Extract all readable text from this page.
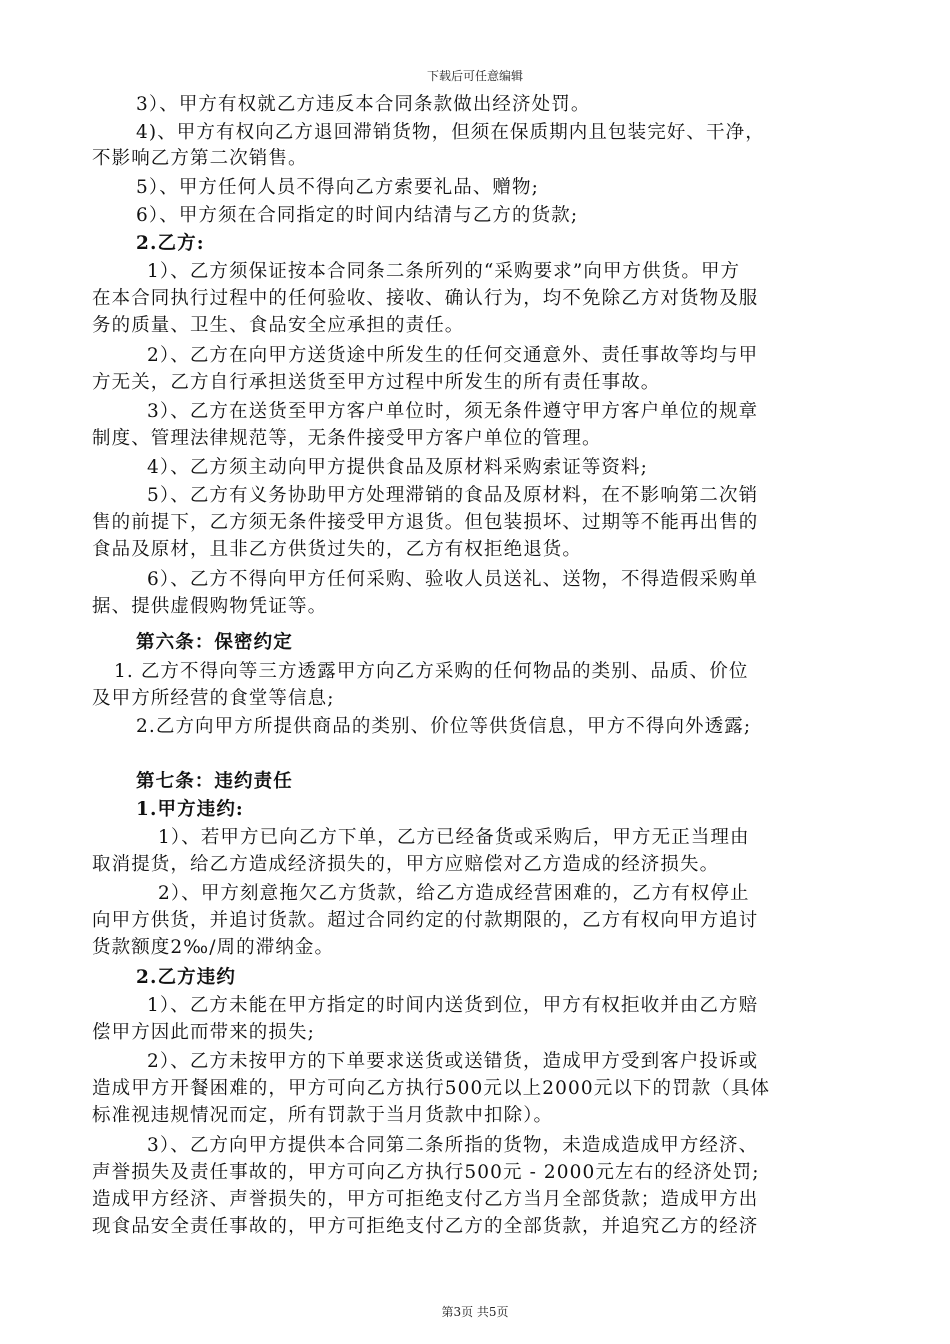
下载后可任意编辑
3）、甲方有权就乙方违反本合同条款做出经济处罚。
4)、甲方有权向乙方退回滞销货物，但须在保质期内且包装完好、干净，
不影响乙方第二次销售。
5）、甲方任何人员不得向乙方索要礼品、赠物;
6）、甲方须在合同指定的时间内结清与乙方的货款;
2.乙方:
1）、乙方须保证按本合同条二条所列的“采购要求”向甲方供货。甲方
在本合同执行过程中的任何验收、接收、确认行为，均不免除乙方对货物及服
务的质量、卫生、食品安全应承担的责任。
2）、乙方在向甲方送货途中所发生的任何交通意外、责任事故等均与甲
方无关，乙方自行承担送货至甲方过程中所发生的所有责任事故。
3）、乙方在送货至甲方客户单位时，须无条件遵守甲方客户单位的规章
制度、管理法律规范等，无条件接受甲方客户单位的管理。
4）、乙方须主动向甲方提供食品及原材料采购索证等资料;
5）、乙方有义务协助甲方处理滞销的食品及原材料，在不影响第二次销
售的前提下，乙方须无条件接受甲方退货。但包装损坏、过期等不能再出售的
食品及原材，且非乙方供货过失的，乙方有权拒绝退货。
6）、乙方不得向甲方任何采购、验收人员送礼、送物，不得造假采购单
据、提供虚假购物凭证等。
第六条：保密约定
1. 乙方不得向等三方透露甲方向乙方采购的任何物品的类别、品质、价位
及甲方所经营的食堂等信息;
2.乙方向甲方所提供商品的类别、价位等供货信息，甲方不得向外透露;
第七条：违约责任
1.甲方违约:
1）、若甲方已向乙方下单，乙方已经备货或采购后，甲方无正当理由
取消提货，给乙方造成经济损失的，甲方应赔偿对乙方造成的经济损失。
2）、甲方刻意拖欠乙方货款，给乙方造成经营困难的，乙方有权停止
向甲方供货，并追讨货款。超过合同约定的付款期限的，乙方有权向甲方追讨
货款额度2‰/周的滞纳金。
2.乙方违约
1）、乙方未能在甲方指定的时间内送货到位，甲方有权拒收并由乙方赔
偿甲方因此而带来的损失;
2）、乙方未按甲方的下单要求送货或送错货，造成甲方受到客户投诉或
造成甲方开餐困难的，甲方可向乙方执行500元以上2000元以下的罚款（具体
标准视违规情况而定，所有罚款于当月货款中扣除）。
3）、乙方向甲方提供本合同第二条所指的货物，未造成造成甲方经济、
声誉损失及责任事故的，甲方可向乙方执行500元 - 2000元左右的经济处罚;
造成甲方经济、声誉损失的，甲方可拒绝支付乙方当月全部货款；造成甲方出
现食品安全责任事故的，甲方可拒绝支付乙方的全部货款，并追究乙方的经济
第3页 共5页
